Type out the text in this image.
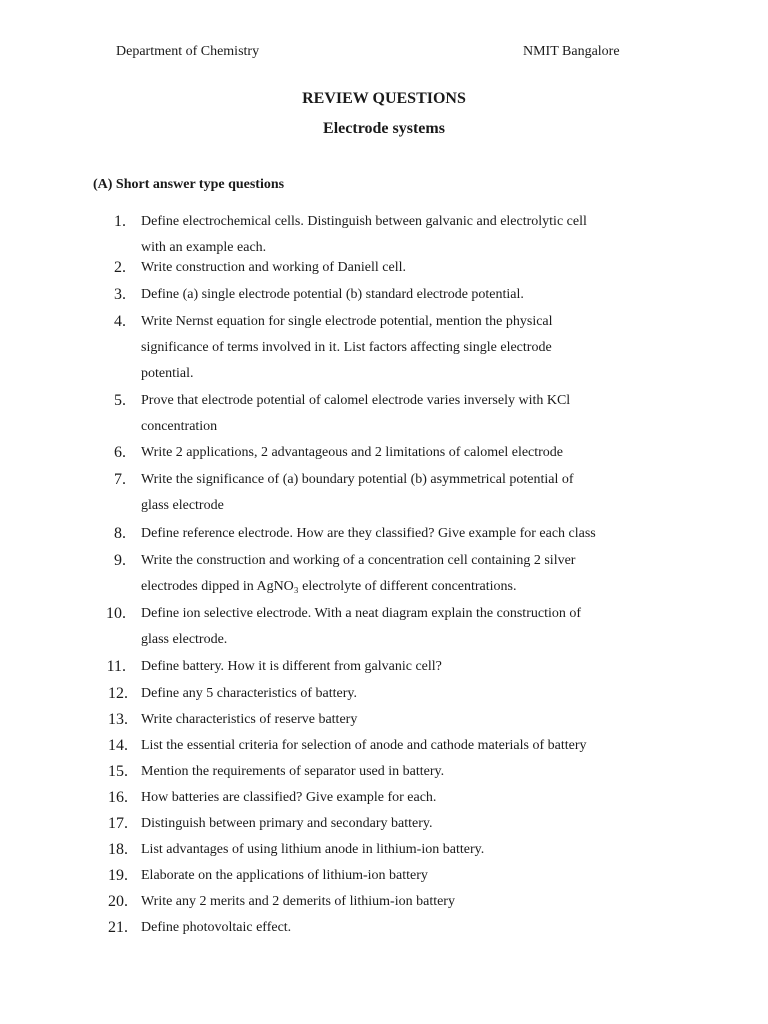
Department of Chemistry	NMIT Bangalore
REVIEW QUESTIONS
Electrode systems
(A) Short answer type questions
1. Define electrochemical cells. Distinguish between galvanic and electrolytic cell
with an example each.
2. Write construction and working of Daniell cell.
3. Define (a) single electrode potential (b) standard electrode potential.
4. Write Nernst equation for single electrode potential, mention the physical
significance of terms involved in it. List factors affecting single electrode
potential.
5. Prove that electrode potential of calomel electrode varies inversely with KCl
concentration
6. Write 2 applications, 2 advantageous and 2 limitations of calomel electrode
7. Write the significance of (a) boundary potential (b) asymmetrical potential of
glass electrode
8. Define reference electrode. How are they classified? Give example for each class
9. Write the construction and working of a concentration cell containing 2 silver
electrodes dipped in AgNO₃ electrolyte of different concentrations.
10. Define ion selective electrode. With a neat diagram explain the construction of
glass electrode.
11. Define battery. How it is different from galvanic cell?
12. Define any 5 characteristics of battery.
13. Write characteristics of reserve battery
14. List the essential criteria for selection of anode and cathode materials of battery
15. Mention the requirements of separator used in battery.
16. How batteries are classified? Give example for each.
17. Distinguish between primary and secondary battery.
18. List advantages of using lithium anode in lithium-ion battery.
19. Elaborate on the applications of lithium-ion battery
20. Write any 2 merits and 2 demerits of lithium-ion battery
21. Define photovoltaic effect.
